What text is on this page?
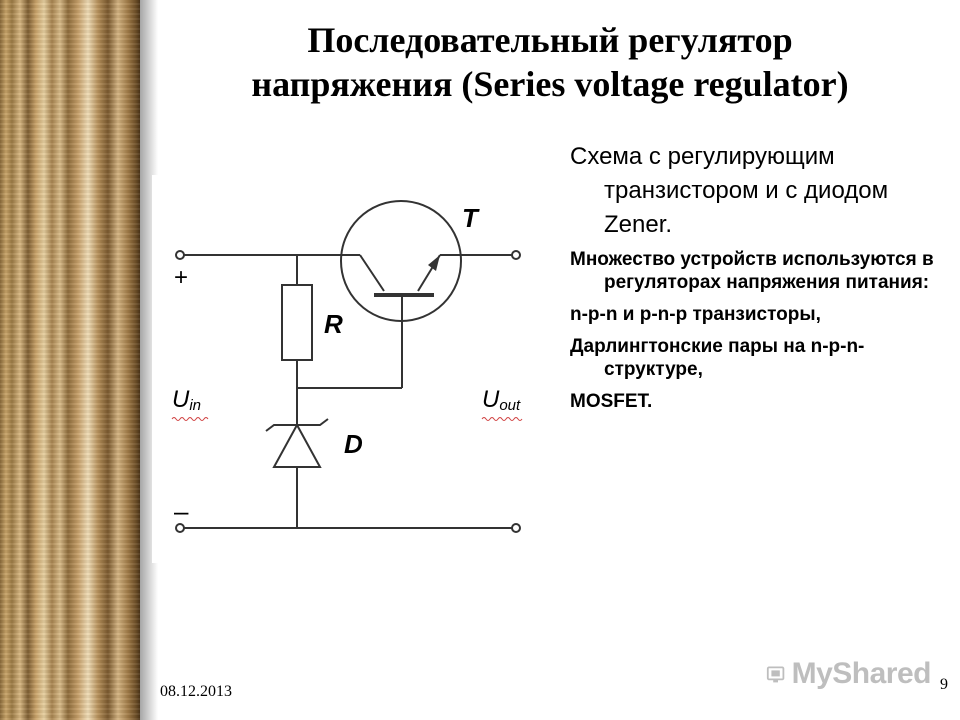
Последовательный регулятор
напряжения (Series voltage regulator)
T
R
D
+
–
Uin	Uout

Схема с регулирующим транзистором и с диодом Zener.

Множество устройств используются в регуляторах напряжения питания:

n-p-n и p-n-p транзисторы,

Дарлингтонские пары на n-p-n-структуре,

MOSFET.

08.12.2013	9
MyShared
